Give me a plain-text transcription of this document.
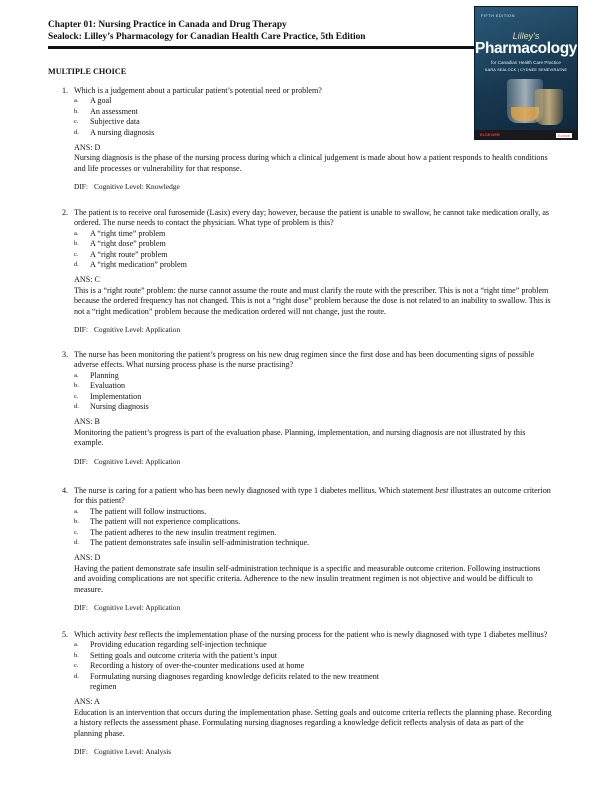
Chapter 01: Nursing Practice in Canada and Drug Therapy
Sealock: Lilley’s Pharmacology for Canadian Health Care Practice, 5th Edition
FIFTH EDITION
Lilley's
Pharmacology
for Canadian Health Care Practice
KARA SEALOCK | CYDNEE SENEVIRATNE
ELSEVIER	Evolve
MULTIPLE CHOICE
1. Which is a judgement about a particular patient’s potential need or problem?
a.	A goal
b.	An assessment
c.	Subjective data
d.	A nursing diagnosis
ANS: D
Nursing diagnosis is the phase of the nursing process during which a clinical judgement is made about how a patient responds to health conditions and life processes or vulnerability for that response.
DIF: Cognitive Level: Knowledge
2. The patient is to receive oral furosemide (Lasix) every day; however, because the patient is unable to swallow, he cannot take medication orally, as ordered. The nurse needs to contact the physician. What type of problem is this?
a.	A “right time” problem
b.	A “right dose” problem
c.	A “right route” problem
d.	A “right medication” problem
ANS: C
This is a “right route” problem: the nurse cannot assume the route and must clarify the route with the prescriber. This is not a “right time” problem because the ordered frequency has not changed. This is not a “right dose” problem because the dose is not related to an inability to swallow. This is not a “right medication” problem because the medication ordered will not change, just the route.
DIF: Cognitive Level: Application
3. The nurse has been monitoring the patient’s progress on his new drug regimen since the first dose and has been documenting signs of possible adverse effects. What nursing process phase is the nurse practising?
a.	Planning
b.	Evaluation
c.	Implementation
d.	Nursing diagnosis
ANS: B
Monitoring the patient’s progress is part of the evaluation phase. Planning, implementation, and nursing diagnosis are not illustrated by this example.
DIF: Cognitive Level: Application
4. The nurse is caring for a patient who has been newly diagnosed with type 1 diabetes mellitus. Which statement best illustrates an outcome criterion for this patient?
a.	The patient will follow instructions.
b.	The patient will not experience complications.
c.	The patient adheres to the new insulin treatment regimen.
d.	The patient demonstrates safe insulin self-administration technique.
ANS: D
Having the patient demonstrate safe insulin self-administration technique is a specific and measurable outcome criterion. Following instructions and avoiding complications are not specific criteria. Adherence to the new insulin treatment regimen is not objective and would be difficult to measure.
DIF: Cognitive Level: Application
5. Which activity best reflects the implementation phase of the nursing process for the patient who is newly diagnosed with type 1 diabetes mellitus?
a.	Providing education regarding self-injection technique
b.	Setting goals and outcome criteria with the patient’s input
c.	Recording a history of over-the-counter medications used at home
d.	Formulating nursing diagnoses regarding knowledge deficits related to the new treatment regimen
ANS: A
Education is an intervention that occurs during the implementation phase. Setting goals and outcome criteria reflects the planning phase. Recording a history reflects the assessment phase. Formulating nursing diagnoses regarding a knowledge deficit reflects analysis of data as part of the planning phase.
DIF: Cognitive Level: Analysis
